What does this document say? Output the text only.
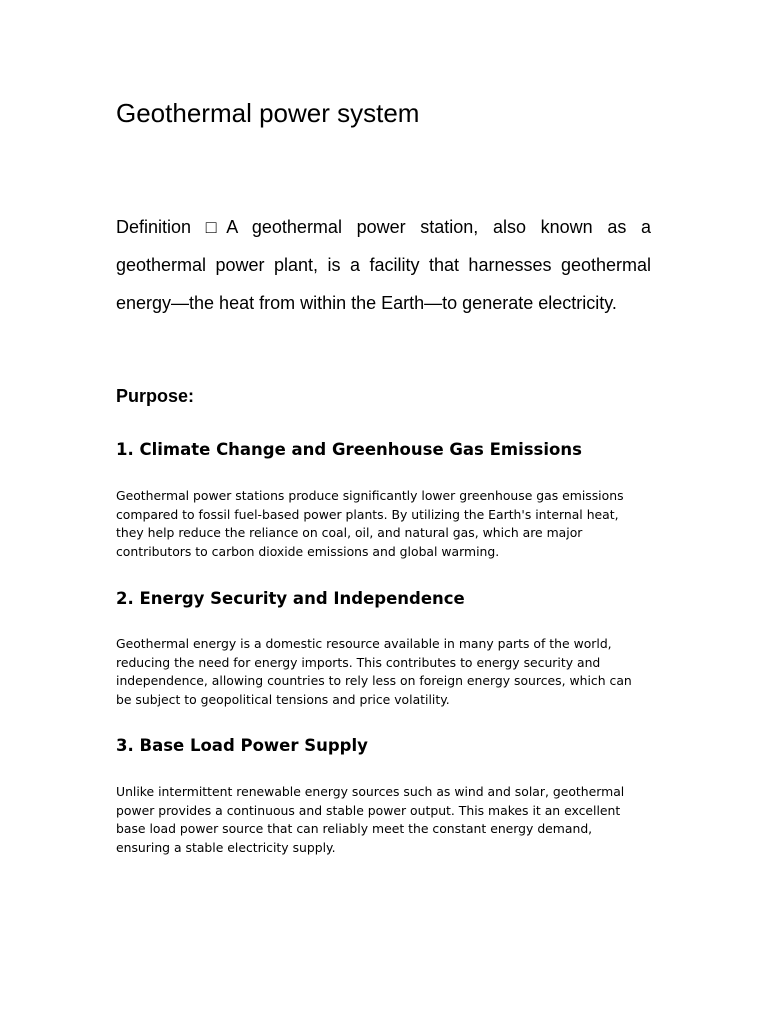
Geothermal power system

Definition □A geothermal power station, also known as a geothermal power plant, is a facility that harnesses geothermal energy—the heat from within the Earth—to generate electricity.

Purpose:

1. Climate Change and Greenhouse Gas Emissions

Geothermal power stations produce significantly lower greenhouse gas emissions
compared to fossil fuel-based power plants. By utilizing the Earth's internal heat,
they help reduce the reliance on coal, oil, and natural gas, which are major
contributors to carbon dioxide emissions and global warming.

2. Energy Security and Independence

Geothermal energy is a domestic resource available in many parts of the world,
reducing the need for energy imports. This contributes to energy security and
independence, allowing countries to rely less on foreign energy sources, which can
be subject to geopolitical tensions and price volatility.

3. Base Load Power Supply

Unlike intermittent renewable energy sources such as wind and solar, geothermal
power provides a continuous and stable power output. This makes it an excellent
base load power source that can reliably meet the constant energy demand,
ensuring a stable electricity supply.
